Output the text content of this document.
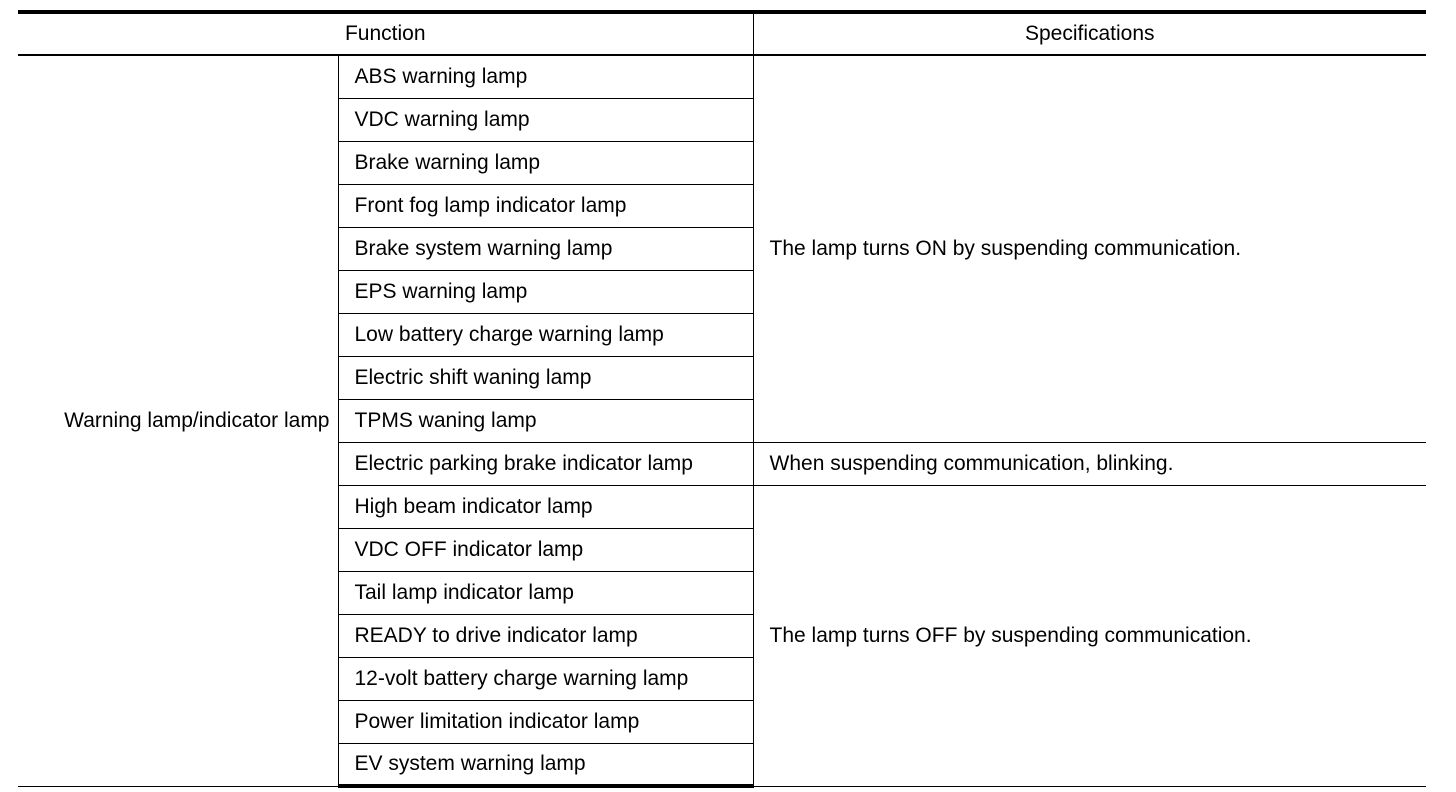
Function		Specifications
Warning lamp/indicator lamp	ABS warning lamp	The lamp turns ON by suspending communication.
	VDC warning lamp	
	Brake warning lamp	
	Front fog lamp indicator lamp	
	Brake system warning lamp	
	EPS warning lamp	
	Low battery charge warning lamp	
	Electric shift waning lamp	
	TPMS waning lamp	
	Electric parking brake indicator lamp	When suspending communication, blinking.
	High beam indicator lamp	The lamp turns OFF by suspending communication.
	VDC OFF indicator lamp	
	Tail lamp indicator lamp	
	READY to drive indicator lamp	
	12-volt battery charge warning lamp	
	Power limitation indicator lamp	
	EV system warning lamp	
